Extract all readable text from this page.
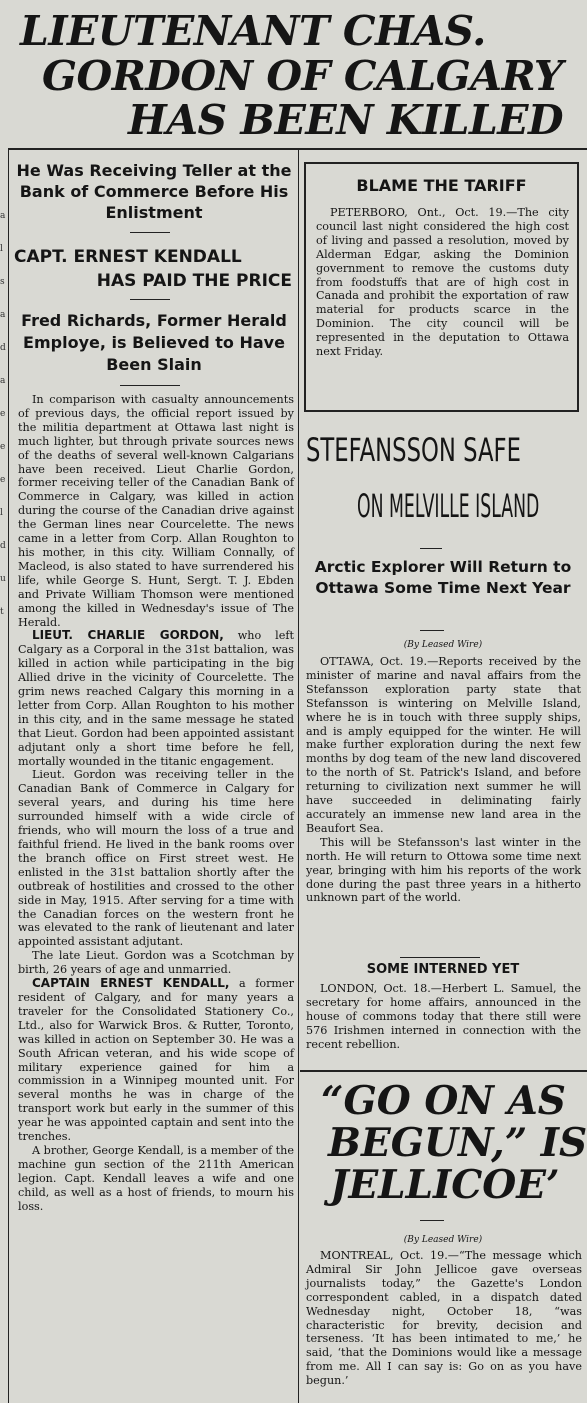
a
l
s
a
d
a
e
e
e
l
d
u
t
LIEUTENANT CHAS.
GORDON OF CALGARY
HAS BEEN KILLED
He Was Receiving Teller at the Bank of Commerce Before His Enlistment
CAPT. ERNEST KENDALL
HAS PAID THE PRICE
Fred Richards, Former Herald Employe, is Believed to Have Been Slain

In comparison with casualty announcements of previous days, the official report issued by the militia department at Ottawa last night is much lighter, but through private sources news of the deaths of several well-known Calgarians have been received. Lieut Charlie Gordon, former receiving teller of the Canadian Bank of Commerce in Calgary, was killed in action during the course of the Canadian drive against the German lines near Courcelette. The news came in a letter from Corp. Allan Roughton to his mother, in this city. William Connally, of Macleod, is also stated to have surrendered his life, while George S. Hunt, Sergt. T. J. Ebden and Private William Thomson were mentioned among the killed in Wednesday's issue of The Herald.

LIEUT. CHARLIE GORDON, who left Calgary as a Corporal in the 31st battalion, was killed in action while participating in the big Allied drive in the vicinity of Courcelette. The grim news reached Calgary this morning in a letter from Corp. Allan Roughton to his mother in this city, and in the same message he stated that Lieut. Gordon had been appointed assistant adjutant only a short time before he fell, mortally wounded in the titanic engagement.

Lieut. Gordon was receiving teller in the Canadian Bank of Commerce in Calgary for several years, and during his time here surrounded himself with a wide circle of friends, who will mourn the loss of a true and faithful friend. He lived in the bank rooms over the branch office on First street west. He enlisted in the 31st battalion shortly after the outbreak of hostilities and crossed to the other side in May, 1915. After serving for a time with the Canadian forces on the western front he was elevated to the rank of lieutenant and later appointed assistant adjutant.

The late Lieut. Gordon was a Scotchman by birth, 26 years of age and unmarried.

CAPTAIN ERNEST KENDALL, a former resident of Calgary, and for many years a traveler for the Consolidated Stationery Co., Ltd., also for Warwick Bros. & Rutter, Toronto, was killed in action on September 30. He was a South African veteran, and his wide scope of military experience gained for him a commission in a Winnipeg mounted unit. For several months he was in charge of the transport work but early in the summer of this year he was appointed captain and sent into the trenches.

A brother, George Kendall, is a member of the machine gun section of the 211th American legion. Capt. Kendall leaves a wife and one child, as well as a host of friends, to mourn his loss.

BLAME THE TARIFF

PETERBORO, Ont., Oct. 19.—The city council last night considered the high cost of living and passed a resolution, moved by Alderman Edgar, asking the Dominion government to remove the customs duty from foodstuffs that are of high cost in Canada and prohibit the exportation of raw material for products scarce in the Dominion. The city council will be represented in the deputation to Ottawa next Friday.

STEFANSSON SAFE
ON MELVILLE ISLAND
Arctic Explorer Will Return to Ottawa Some Time Next Year
(By Leased Wire)

OTTAWA, Oct. 19.—Reports received by the minister of marine and naval affairs from the Stefansson exploration party state that Stefansson is wintering on Melville Island, where he is in touch with three supply ships, and is amply equipped for the winter. He will make further exploration during the next few months by dog team of the new land discovered to the north of St. Patrick's Island, and before returning to civilization next summer he will have succeeded in deliminating fairly accurately an immense new land area in the Beaufort Sea.

This will be Stefansson's last winter in the north. He will return to Ottowa some time next year, bringing with him his reports of the work done during the past three years in a hitherto unknown part of the world.

SOME INTERNED YET

LONDON, Oct. 18.—Herbert L. Samuel, the secretary for home affairs, announced in the house of commons today that there still were 576 Irishmen interned in connection with the recent rebellion.

“GO ON AS
BEGUN,” IS
JELLICOE’
(By Leased Wire)

MONTREAL, Oct. 19.—“The message which Admiral Sir John Jellicoe gave overseas journalists today,” the Gazette's London correspondent cabled, in a dispatch dated Wednesday night, October 18, “was characteristic for brevity, decision and terseness. ‘It has been intimated to me,’ he said, ‘that the Dominions would like a message from me. All I can say is: Go on as you have begun.’
